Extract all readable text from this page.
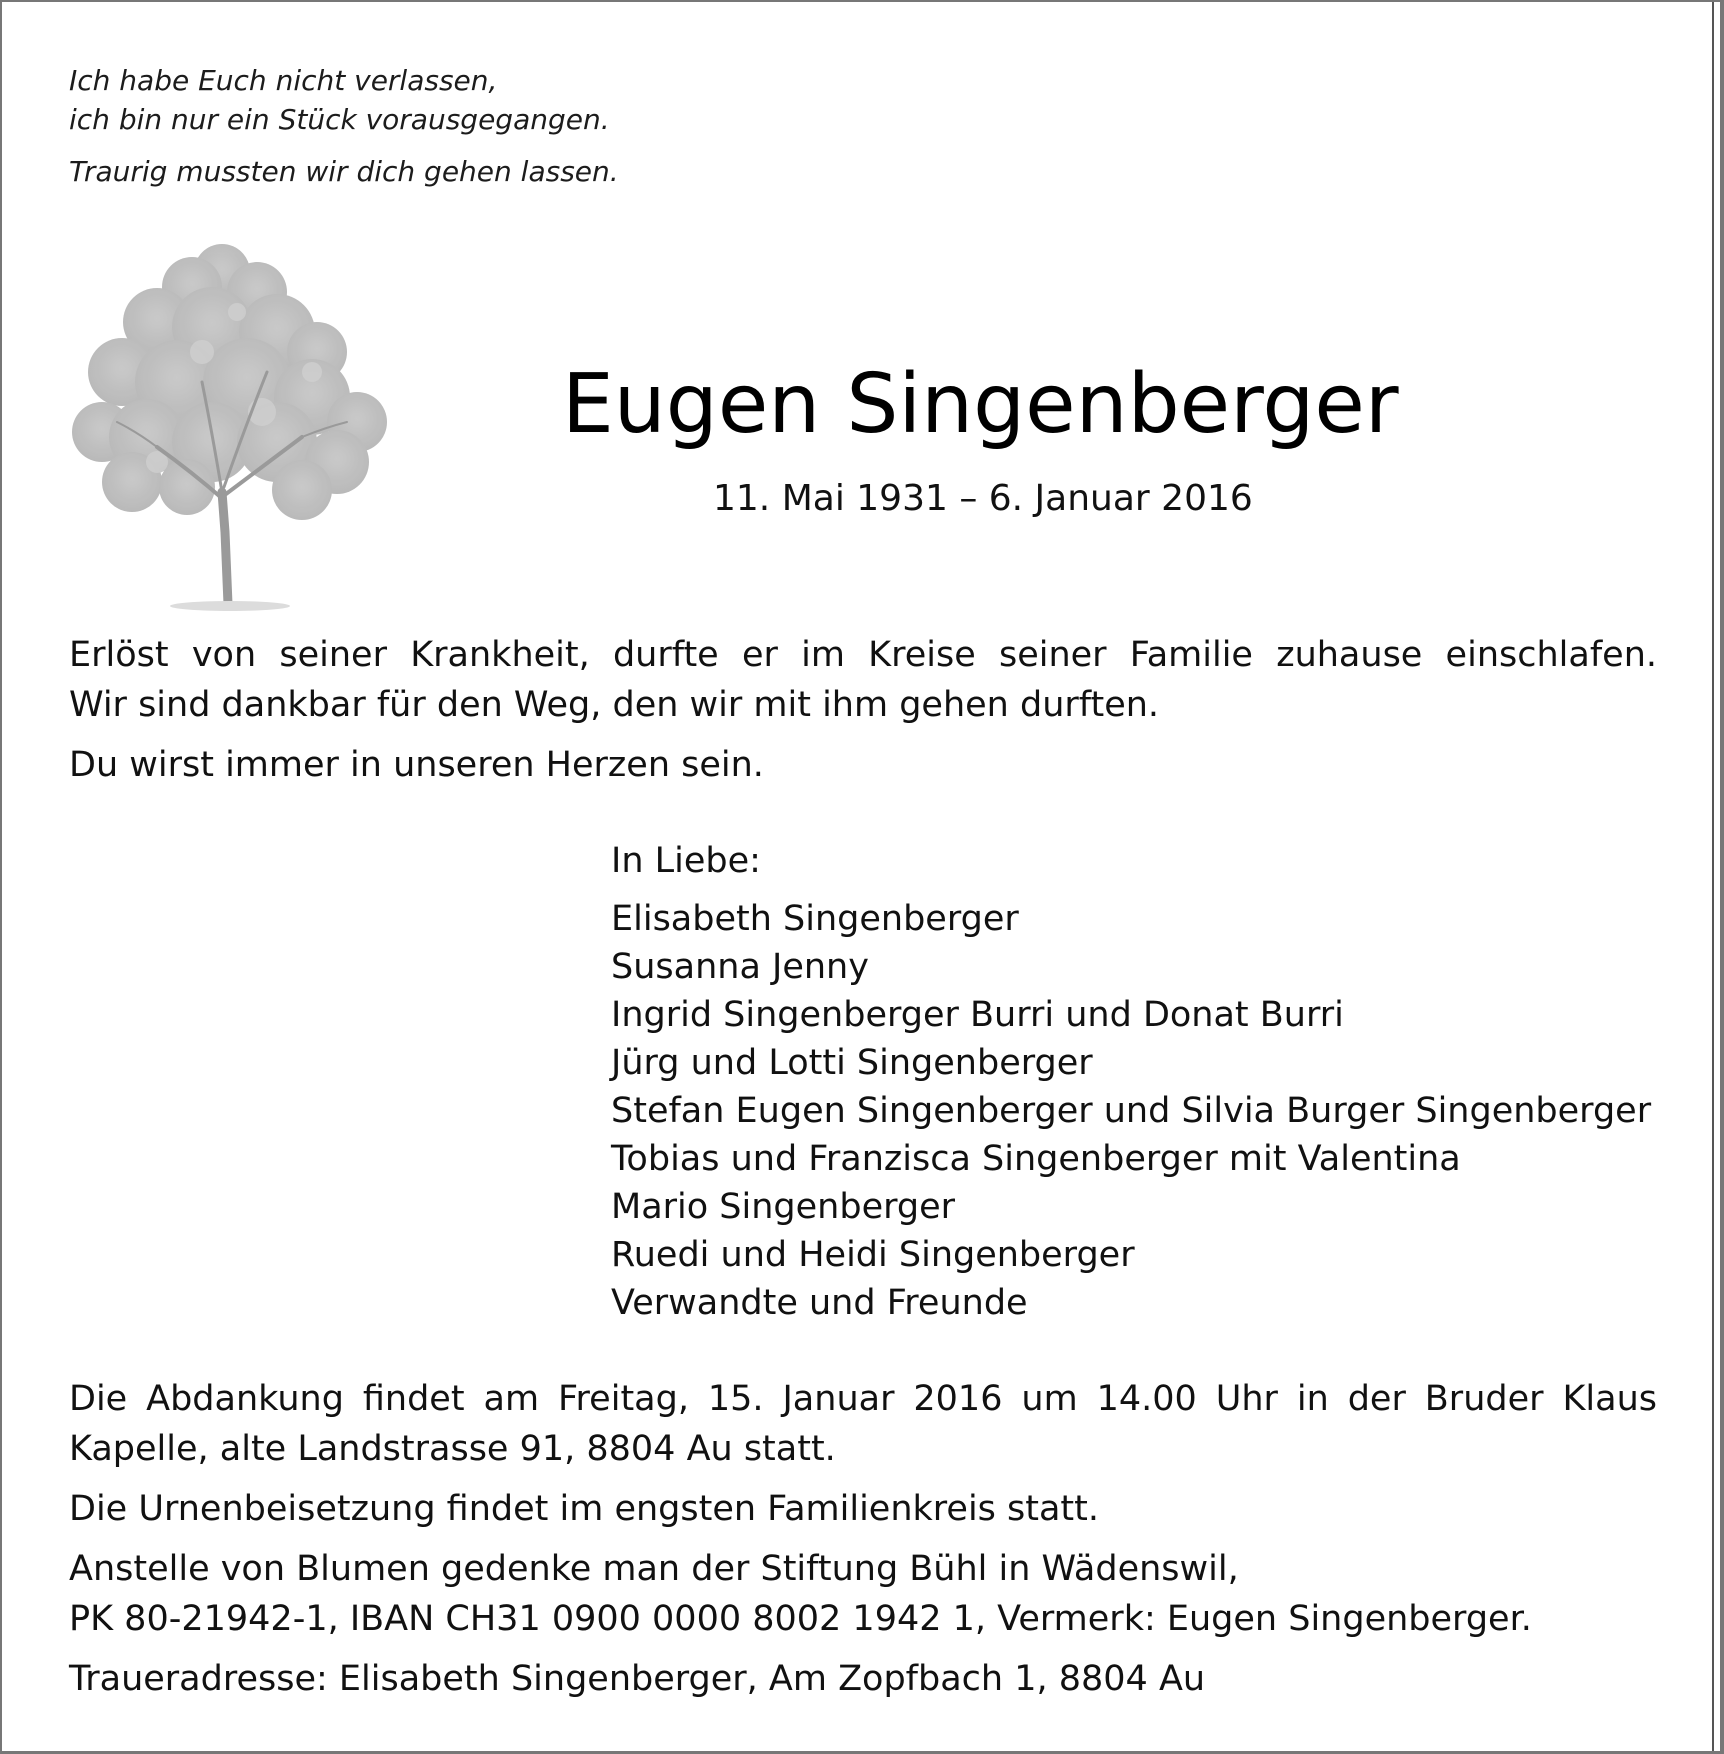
Ich habe Euch nicht verlassen,

ich bin nur ein Stück vorausgegangen.

Traurig mussten wir dich gehen lassen.

Eugen Singenberger
11. Mai 1931 – 6. Januar 2016

Erlöst von seiner Krankheit, durfte er im Kreise seiner Familie zuhause einschlafen.

Wir sind dankbar für den Weg, den wir mit ihm gehen durften.

Du wirst immer in unseren Herzen sein.

In Liebe:

Elisabeth Singenberger

Susanna Jenny

Ingrid Singenberger Burri und Donat Burri

Jürg und Lotti Singenberger

Stefan Eugen Singenberger und Silvia Burger Singenberger

Tobias und Franzisca Singenberger mit Valentina

Mario Singenberger

Ruedi und Heidi Singenberger

Verwandte und Freunde

Die Abdankung findet am Freitag, 15. Januar 2016 um 14.00 Uhr in der Bruder Klaus

Kapelle, alte Landstrasse 91, 8804 Au statt.

Die Urnenbeisetzung findet im engsten Familienkreis statt.

Anstelle von Blumen gedenke man der Stiftung Bühl in Wädenswil,

PK 80-21942-1, IBAN CH31 0900 0000 8002 1942 1, Vermerk: Eugen Singenberger.

Traueradresse: Elisabeth Singenberger, Am Zopfbach 1, 8804 Au
